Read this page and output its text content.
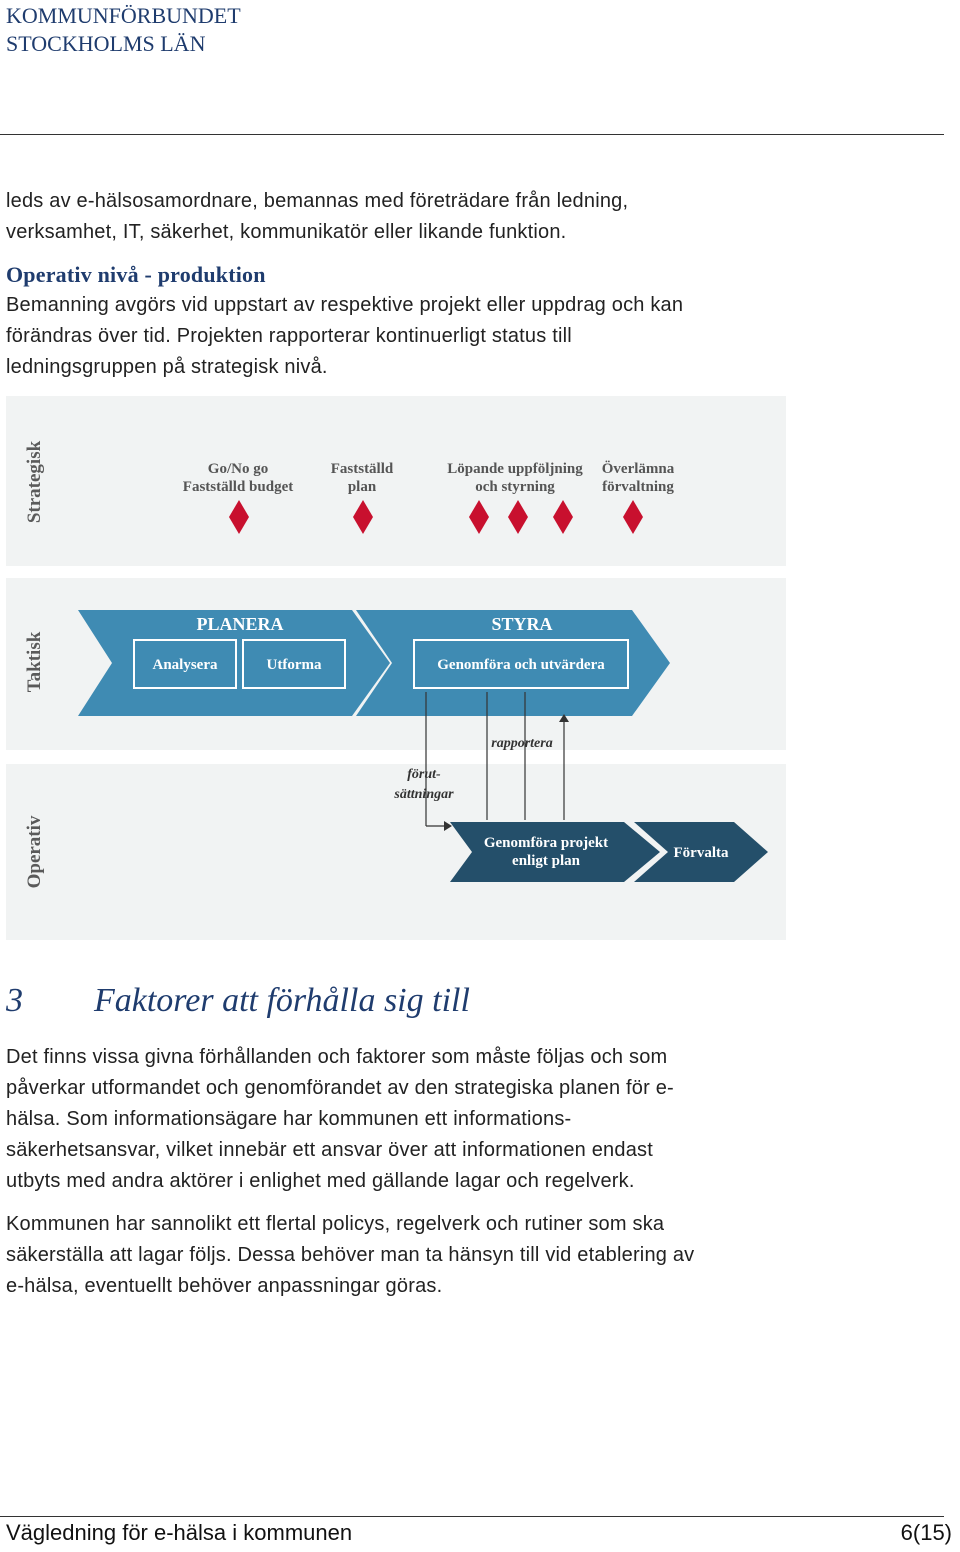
KOMMUNFÖRBUNDET
STOCKHOLMS LÄN

leds av e-hälsosamordnare, bemannas med företrädare från ledning,

verksamhet, IT, säkerhet, kommunikatör eller likande funktion.

Operativ nivå - produktion

Bemanning avgörs vid uppstart av respektive projekt eller uppdrag och kan

förändras över tid. Projekten rapporterar kontinuerligt status till

ledningsgruppen på strategisk nivå.

Strategisk
Taktisk
Operativ
Go/No go
Fastställd budget
Fastställd
plan
Löpande uppföljning
och styrning
Överlämna
förvaltning
PLANERA	STYRA
Analysera	Utforma	Genomföra och utvärdera
rapportera
förut-
sättningar
Genomföra projekt
enligt plan	Förvalta
3 Faktorer att förhålla sig till

Det finns vissa givna förhållanden och faktorer som måste följas och som

påverkar utformandet och genomförandet av den strategiska planen för e-

hälsa. Som informationsägare har kommunen ett informations-

säkerhetsansvar, vilket innebär ett ansvar över att informationen endast

utbyts med andra aktörer i enlighet med gällande lagar och regelverk.

Kommunen har sannolikt ett flertal policys, regelverk och rutiner som ska

säkerställa att lagar följs. Dessa behöver man ta hänsyn till vid etablering av

e-hälsa, eventuellt behöver anpassningar göras.

Vägledning för e-hälsa i kommunen	6(15)
